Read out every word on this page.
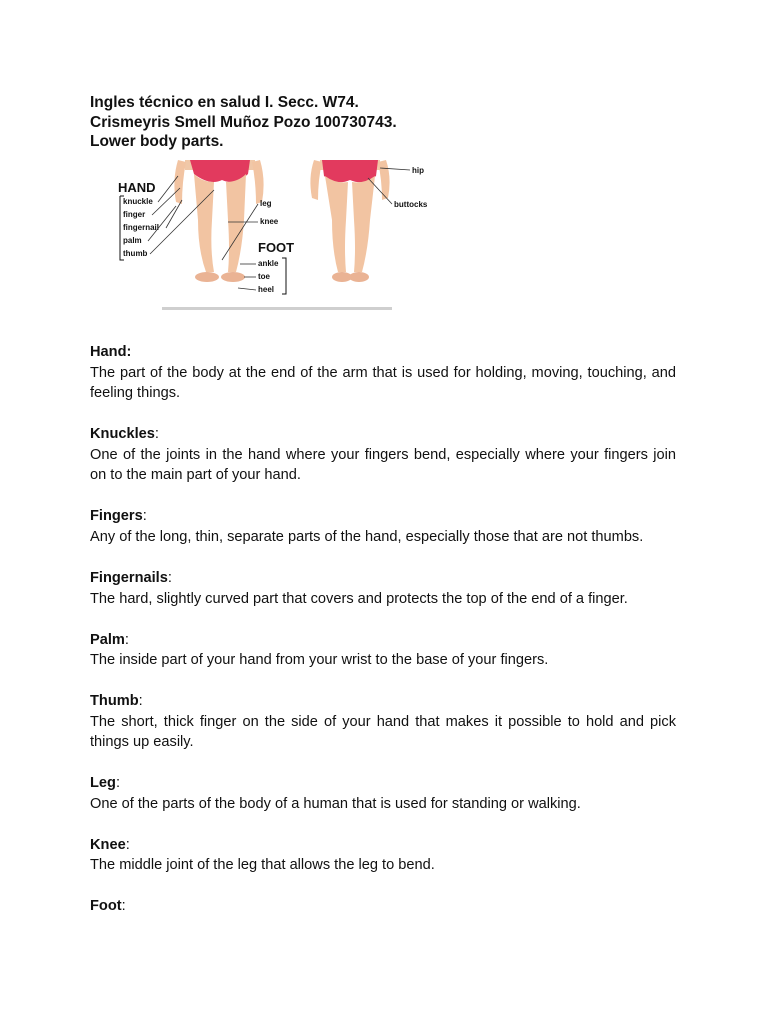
Ingles técnico en salud I. Secc. W74.
Crismeyris Smell Muñoz Pozo 100730743.
Lower body parts.
HAND
knuckle
finger
fingernail
palm
thumb
leg
knee
FOOT
ankle
toe
heel
hip
buttocks
Hand:
The part of the body at the end of the arm that is used for holding, moving, touching, and feeling things.
Knuckles:
One of the joints in the hand where your fingers bend, especially where your fingers join on to the main part of your hand.
Fingers:
Any of the long, thin, separate parts of the hand, especially those that are not thumbs.
Fingernails:
The hard, slightly curved part that covers and protects the top of the end of a finger.
Palm:
The inside part of your hand from your wrist to the base of your fingers.
Thumb:
The short, thick finger on the side of your hand that makes it possible to hold and pick things up easily.
Leg:
One of the parts of the body of a human that is used for standing or walking.
Knee:
The middle joint of the leg that allows the leg to bend.
Foot:
